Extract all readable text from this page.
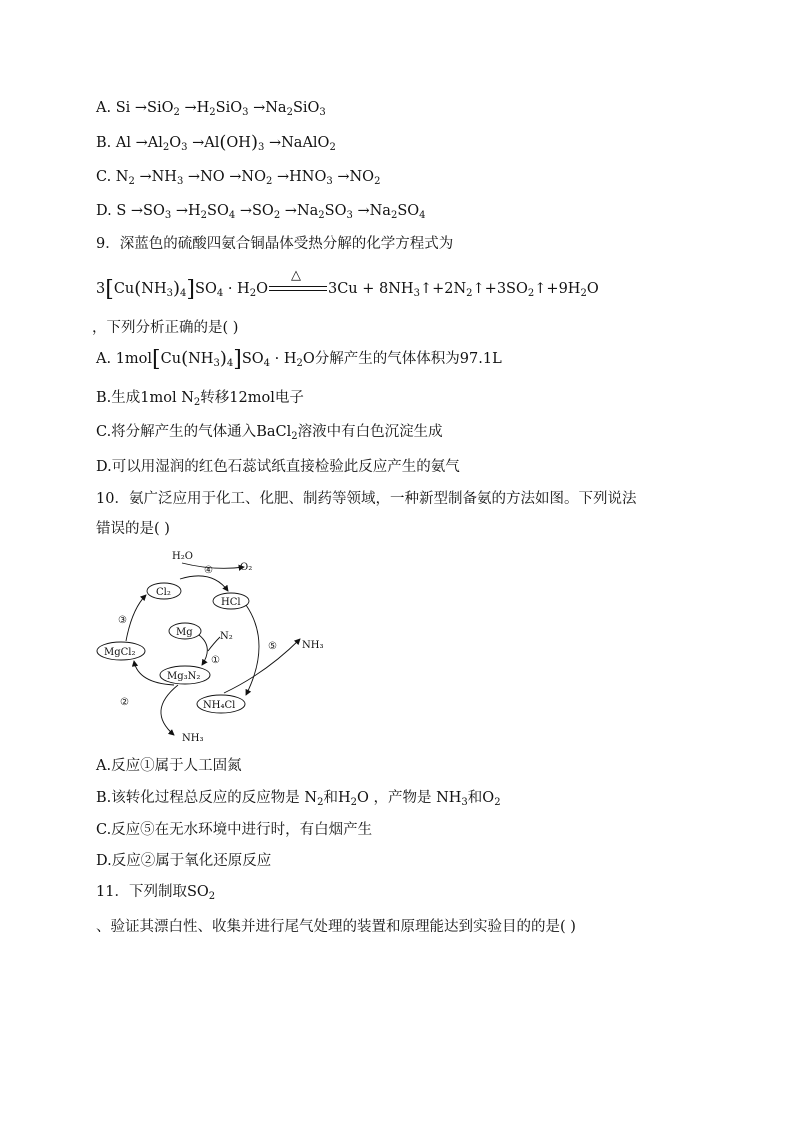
A. $Si \to SiO_2 \to H_2SiO_3 \to Na_2SiO_3$
B. $Al \to Al_2O_3 \to Al(OH)_3$ →NaAlO$_2$
C. $N_2 \to NH_3 \to NO \to NO_2 \to HNO_3 \to NO_2$
D. $S \to SO_3 \to H_2SO_4 \to SO_2 \to Na_2SO_3 \to Na_2SO_4$
9．深蓝色的硫酸四氨合铜晶体受热分解的化学方程式为
$3[Cu(NH_3)_4]SO_4 \cdot H_2O$
△
$3Cu + 8NH_3↑+2N_2↑+3SO_2↑+9H_2O$
，下列分析正确的是( )
A. $1mol[Cu(NH_3)_4]SO_4 \cdot H_2O$分解产生的气体体积为97.1L
B.生成1mol $N_2$转移12mol电子
C.将分解产生的气体通入BaCl$_2$溶液中有白色沉淀生成
D.可以用湿润的红色石蕊试纸直接检验此反应产生的氨气
10．氨广泛应用于化工、化肥、制药等领域，一种新型制备氨的方法如图。下列说法
错误的是( )
Cl₂
HCl
Mg
MgCl₂
Mg₃N₂
NH₄Cl
H₂O
O₂
N₂
NH₃
NH₃
①
②
③
④
⑤
A.反应①属于人工固氮
B.该转化过程总反应的反应物是 $N_2$和$H_2O$ ，产物是 $NH_3$和$O_2$
C.反应⑤在无水环境中进行时，有白烟产生
D.反应②属于氧化还原反应
11．下列制取$SO_2$
、验证其漂白性、收集并进行尾气处理的装置和原理能达到实验目的的是( )
